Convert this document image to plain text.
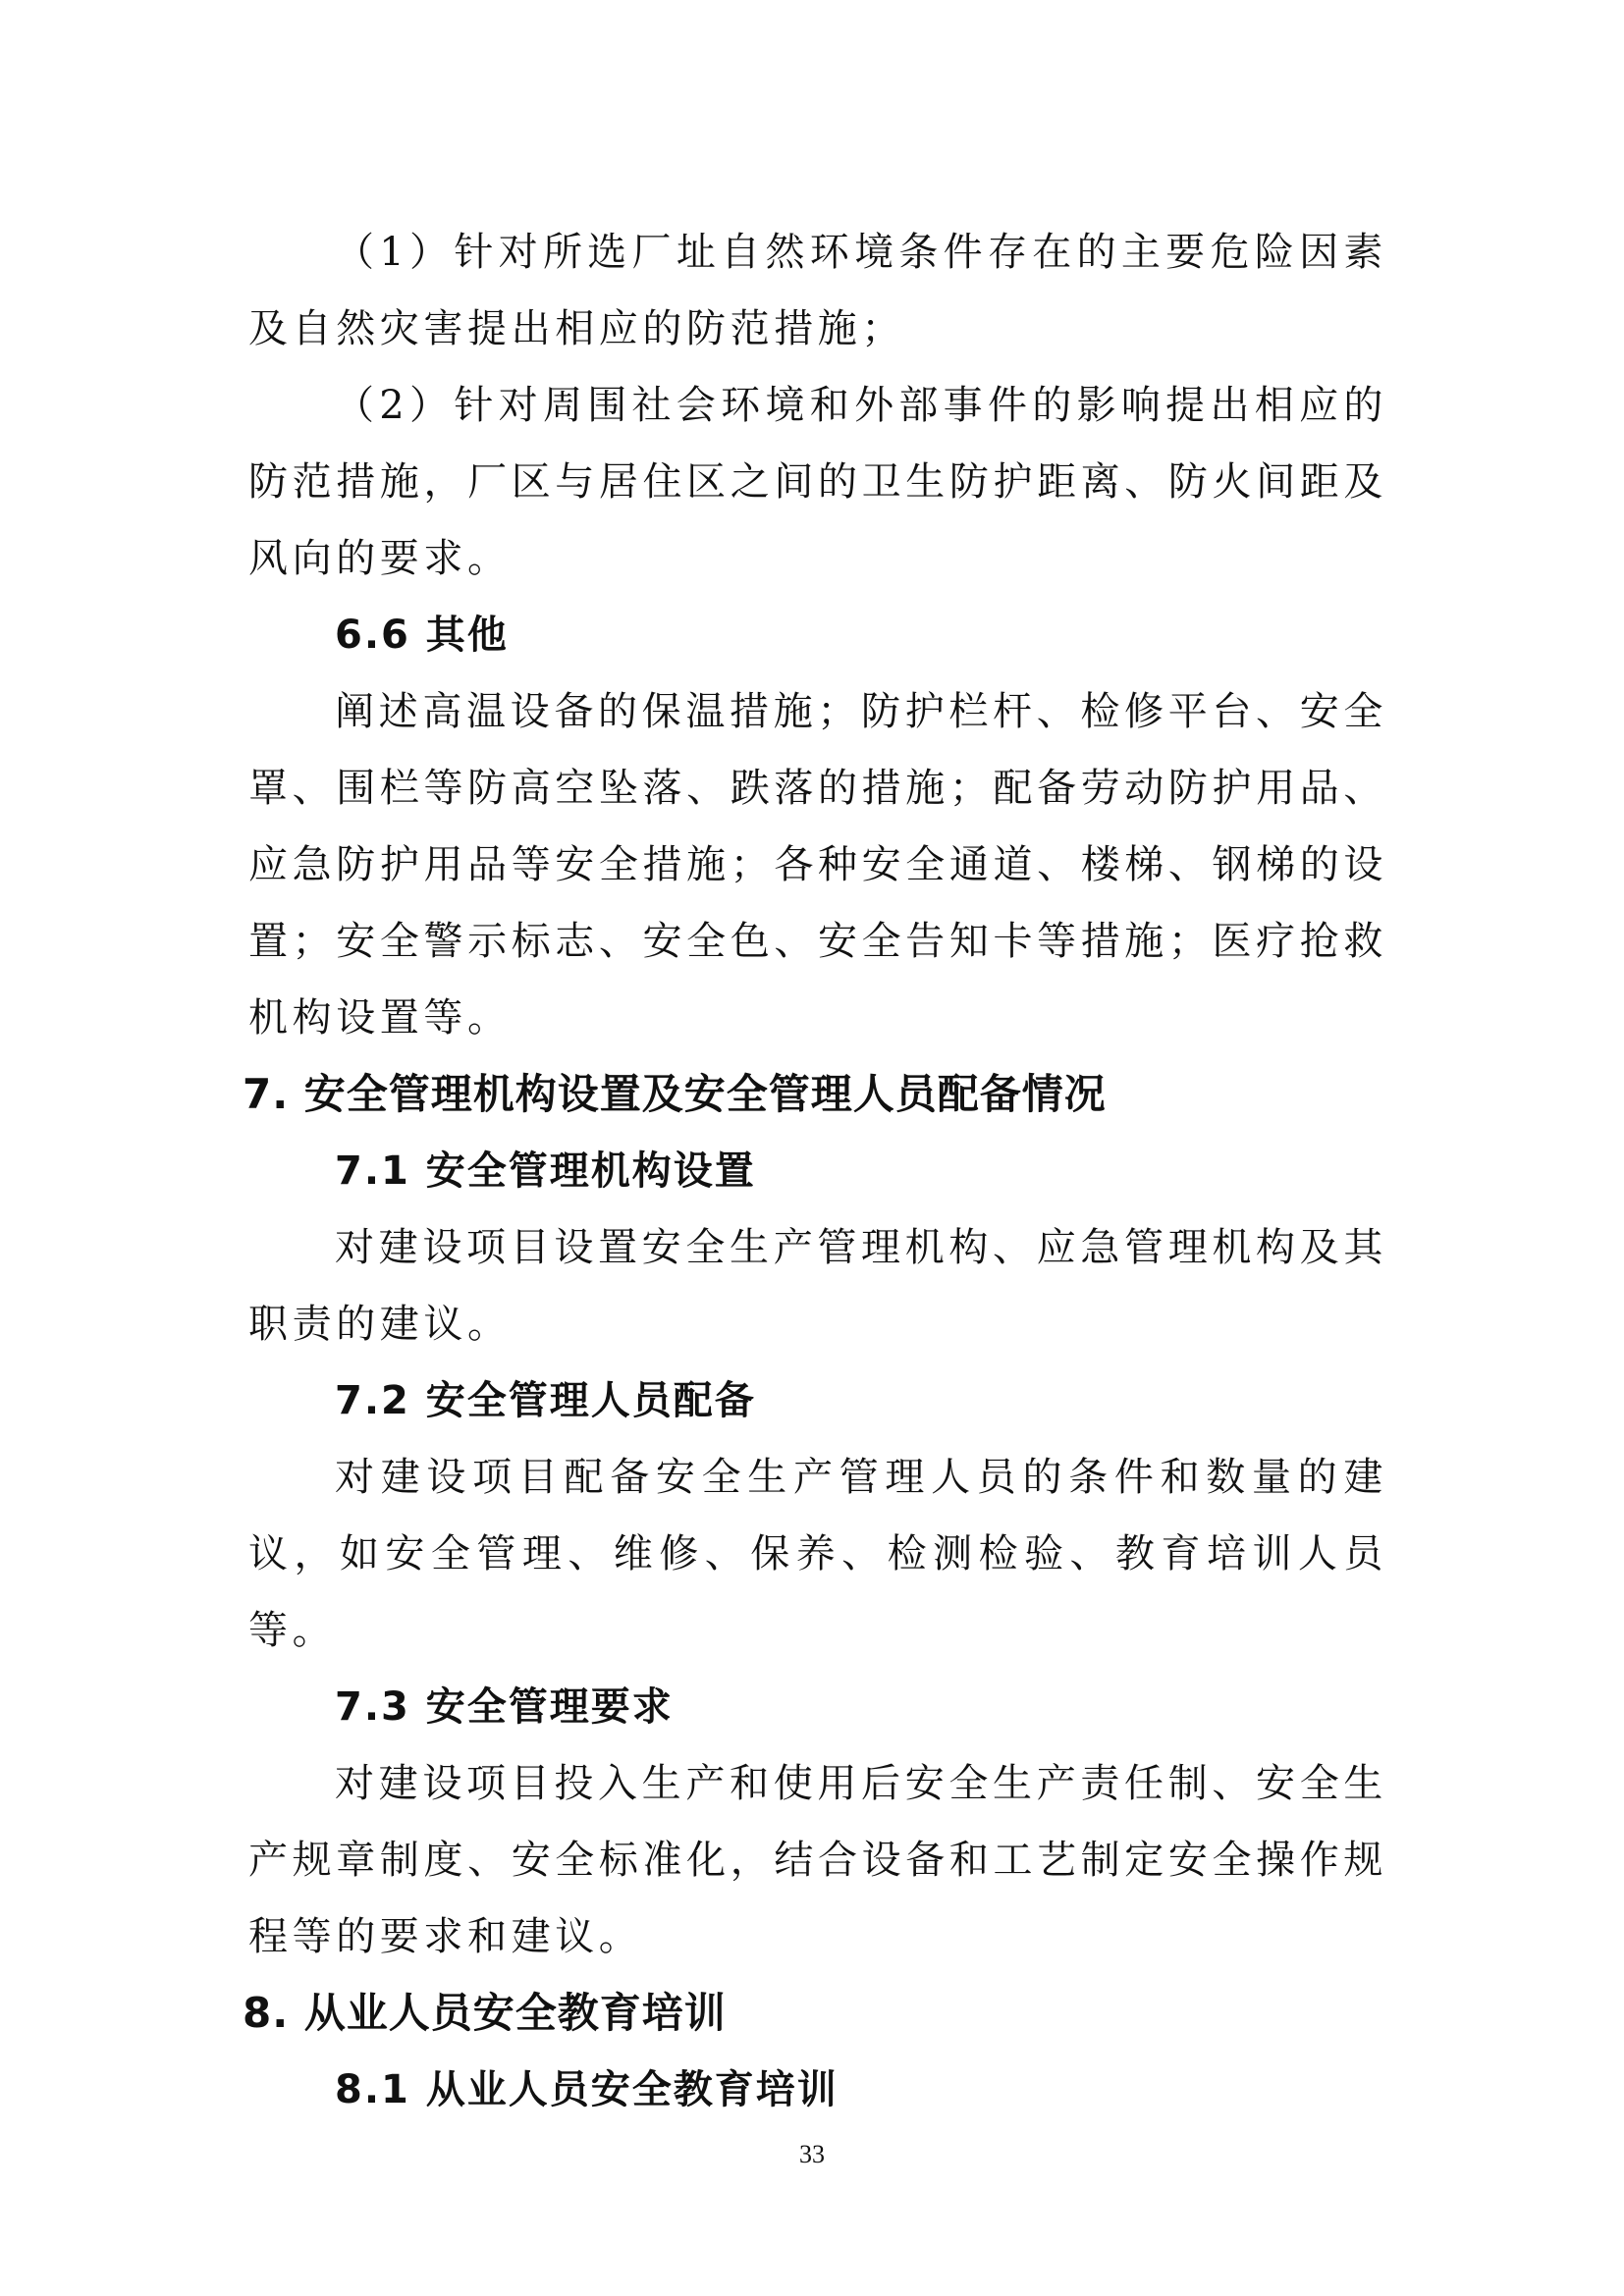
（1）针对所选厂址自然环境条件存在的主要危险因素及自然灾害提出相应的防范措施；

（2）针对周围社会环境和外部事件的影响提出相应的防范措施，厂区与居住区之间的卫生防护距离、防火间距及风向的要求。

6.6 其他

阐述高温设备的保温措施；防护栏杆、检修平台、安全罩、围栏等防高空坠落、跌落的措施；配备劳动防护用品、应急防护用品等安全措施；各种安全通道、楼梯、钢梯的设置；安全警示标志、安全色、安全告知卡等措施；医疗抢救机构设置等。

7. 安全管理机构设置及安全管理人员配备情况

7.1 安全管理机构设置

对建设项目设置安全生产管理机构、应急管理机构及其职责的建议。

7.2 安全管理人员配备

对建设项目配备安全生产管理人员的条件和数量的建议，如安全管理、维修、保养、检测检验、教育培训人员等。

7.3 安全管理要求

对建设项目投入生产和使用后安全生产责任制、安全生产规章制度、安全标准化，结合设备和工艺制定安全操作规程等的要求和建议。

8. 从业人员安全教育培训

8.1 从业人员安全教育培训

33
